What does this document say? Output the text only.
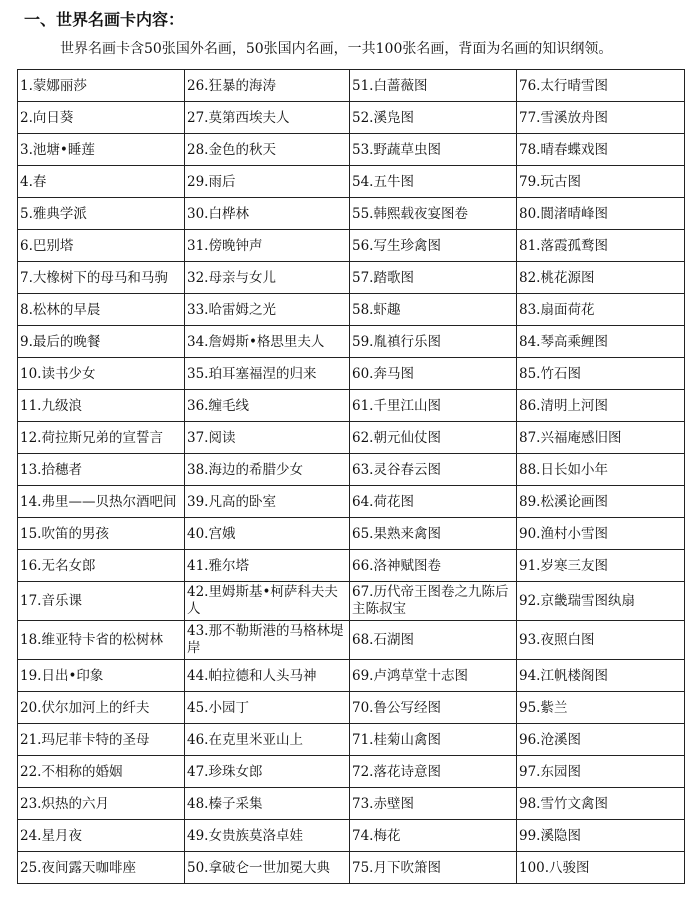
一、世界名画卡内容：
世界名画卡含50张国外名画，50张国内名画，一共100张名画，背面为名画的知识纲领。
1.蒙娜丽莎	26.狂暴的海涛	51.白蔷薇图	76.太行晴雪图
2.向日葵	27.莫第西埃夫人	52.溪凫图	77.雪溪放舟图
3.池塘•睡莲	28.金色的秋天	53.野蔬草虫图	78.晴春蝶戏图
4.春	29.雨后	54.五牛图	79.玩古图
5.雅典学派	30.白桦林	55.韩熙载夜宴图卷	80.閬渚晴峰图
6.巴别塔	31.傍晚钟声	56.写生珍禽图	81.落霞孤鹜图
7.大橡树下的母马和马驹	32.母亲与女儿	57.踏歌图	82.桃花源图
8.松林的早晨	33.哈雷姆之光	58.虾趣	83.扇面荷花
9.最后的晚餐	34.詹姆斯•格思里夫人	59.胤禛行乐图	84.琴高乘鲤图
10.读书少女	35.珀耳塞福涅的归来	60.奔马图	85.竹石图
11.九级浪	36.缠毛线	61.千里江山图	86.清明上河图
12.荷拉斯兄弟的宣誓言	37.阅读	62.朝元仙仗图	87.兴福庵感旧图
13.拾穗者	38.海边的希腊少女	63.灵谷春云图	88.日长如小年
14.弗里——贝热尔酒吧间	39.凡高的卧室	64.荷花图	89.松溪论画图
15.吹笛的男孩	40.宫娥	65.果熟来禽图	90.渔村小雪图
16.无名女郎	41.雅尔塔	66.洛神赋图卷	91.岁寒三友图
17.音乐课	42.里姆斯基•柯萨科夫夫人	67.历代帝王图卷之九陈后主陈叔宝	92.京畿瑞雪图纨扇
18.维亚特卡省的松树林	43.那不勒斯港的马格林堤岸	68.石湖图	93.夜照白图
19.日出•印象	44.帕拉德和人头马神	69.卢鸿草堂十志图	94.江帆楼阁图
20.伏尔加河上的纤夫	45.小园丁	70.鲁公写经图	95.紫兰
21.玛尼菲卡特的圣母	46.在克里米亚山上	71.桂菊山禽图	96.沧溪图
22.不相称的婚姻	47.珍珠女郎	72.落花诗意图	97.东园图
23.炽热的六月	48.榛子采集	73.赤壁图	98.雪竹文禽图
24.星月夜	49.女贵族莫洛卓娃	74.梅花	99.溪隐图
25.夜间露天咖啡座	50.拿破仑一世加冕大典	75.月下吹箫图	100.八骏图
